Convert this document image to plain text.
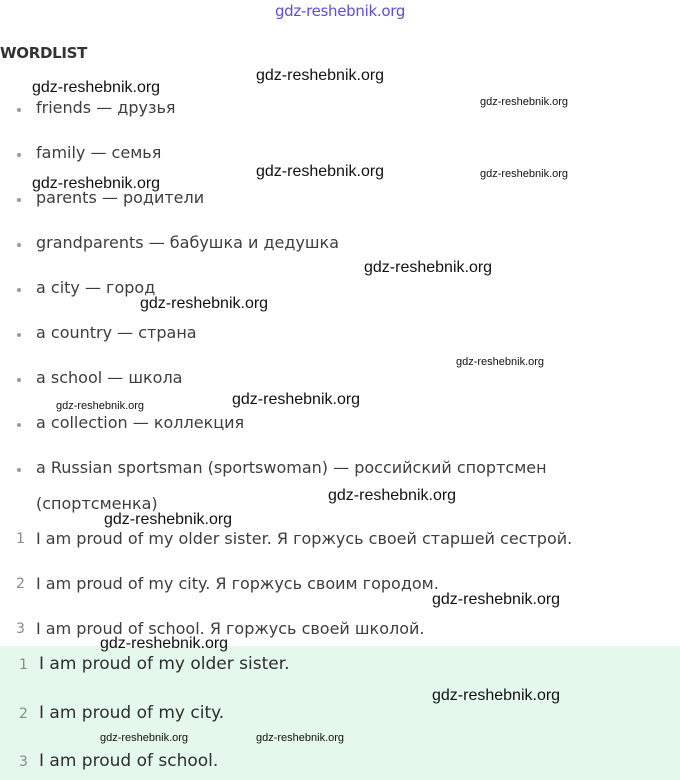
gdz-reshebnik.org
WORDLIST
friends — друзья
family — семья
parents — родители
grandparents — бабушка и дедушка
a city — город
a country — страна
a school — школа
a collection — коллекция
a Russian sportsman (sportswoman) — российский спортсмен
(спортсменка)
1 I am proud of my older sister. Я горжусь своей старшей сестрой.
2 I am proud of my city. Я горжусь своим городом.
3 I am proud of school. Я горжусь своей школой.
1 I am proud of my older sister.
2 I am proud of my city.
3 I am proud of school.
gdz-reshebnik.org
gdz-reshebnik.org
gdz-reshebnik.org
gdz-reshebnik.org
gdz-reshebnik.org
gdz-reshebnik.org
gdz-reshebnik.org
gdz-reshebnik.org
gdz-reshebnik.org
gdz-reshebnik.org
gdz-reshebnik.org
gdz-reshebnik.org
gdz-reshebnik.org
gdz-reshebnik.org
gdz-reshebnik.org
gdz-reshebnik.org
gdz-reshebnik.org	gdz-reshebnik.org
